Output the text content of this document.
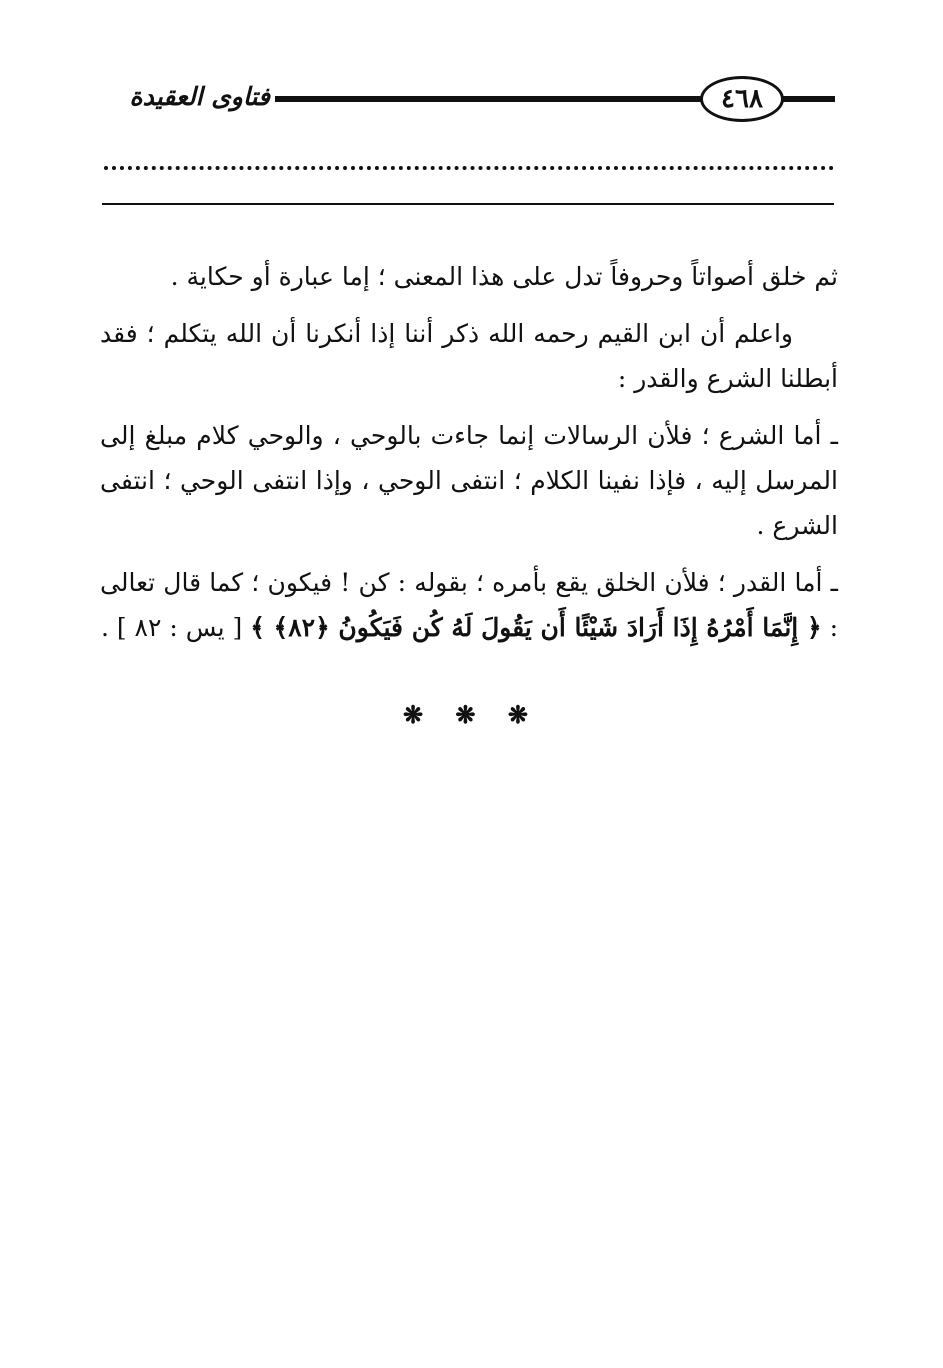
فتاوى العقيدة	٤٦٨

ثم خلق أصواتاً وحروفاً تدل على هذا المعنى ؛ إما عبارة أو حكاية .

واعلم أن ابن القيم رحمه الله ذكر أننا إذا أنكرنا أن الله يتكلم ؛ فقد أبطلنا الشرع والقدر :

ـ أما الشرع ؛ فلأن الرسالات إنما جاءت بالوحي ، والوحي كلام مبلغ إلى المرسل إليه ، فإذا نفينا الكلام ؛ انتفى الوحي ، وإذا انتفى الوحي ؛ انتفى الشرع .

ـ أما القدر ؛ فلأن الخلق يقع بأمره ؛ بقوله : كن ! فيكون ؛ كما قال تعالى : ﴿ إِنَّمَا أَمْرُهُ إِذَا أَرَادَ شَيْئًا أَن يَقُولَ لَهُ كُن فَيَكُونُ ﴿٨٢﴾ ﴾ [ يس : ٨٢ ] .

❋ ❋ ❋
